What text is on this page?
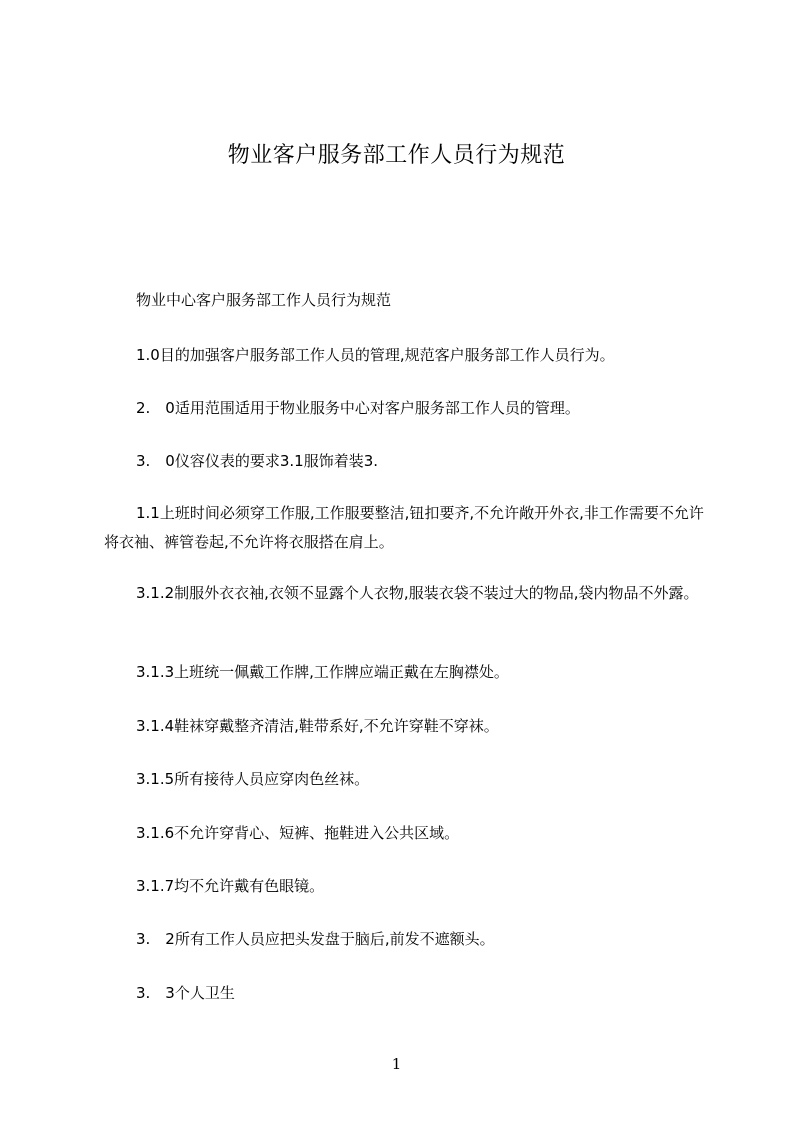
物业客户服务部工作人员行为规范
物业中心客户服务部工作人员行为规范
1.0目的加强客户服务部工作人员的管理,规范客户服务部工作人员行为。
2.　0适用范围适用于物业服务中心对客户服务部工作人员的管理。
3.　0仪容仪表的要求3.1服饰着装3.
1.1上班时间必须穿工作服,工作服要整洁,钮扣要齐,不允许敞开外衣,非工作需要不允许将衣袖、裤管卷起,不允许将衣服搭在肩上。
3.1.2制服外衣衣袖,衣领不显露个人衣物,服装衣袋不装过大的物品,袋内物品不外露。
3.1.3上班统一佩戴工作牌,工作牌应端正戴在左胸襟处。
3.1.4鞋袜穿戴整齐清洁,鞋带系好,不允许穿鞋不穿袜。
3.1.5所有接待人员应穿肉色丝袜。
3.1.6不允许穿背心、短裤、拖鞋进入公共区域。
3.1.7均不允许戴有色眼镜。
3.　2所有工作人员应把头发盘于脑后,前发不遮额头。
3.　3个人卫生
1
